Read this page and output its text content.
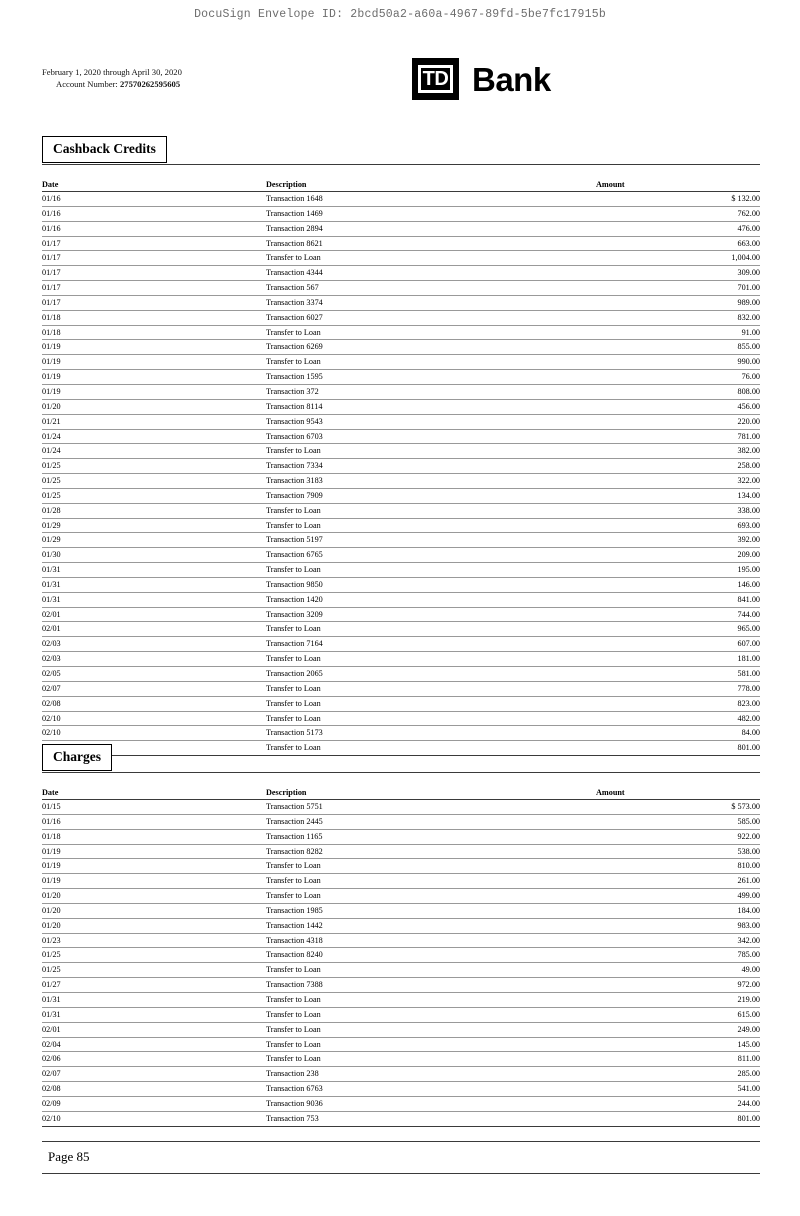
DocuSign Envelope ID: 2bcd50a2-a60a-4967-89fd-5be7fc17915b
February 1, 2020 through April 30, 2020
Account Number: 27570262595605	TD Bank
Cashback Credits
Date	Description	Amount
01/16	Transaction 1648	$ 132.00
01/16	Transaction 1469	762.00
01/16	Transaction 2894	476.00
01/17	Transaction 8621	663.00
01/17	Transfer to Loan	1,004.00
01/17	Transaction 4344	309.00
01/17	Transaction 567	701.00
01/17	Transaction 3374	989.00
01/18	Transaction 6027	832.00
01/18	Transfer to Loan	91.00
01/19	Transaction 6269	855.00
01/19	Transfer to Loan	990.00
01/19	Transaction 1595	76.00
01/19	Transaction 372	808.00
01/20	Transaction 8114	456.00
01/21	Transaction 9543	220.00
01/24	Transaction 6703	781.00
01/24	Transfer to Loan	382.00
01/25	Transaction 7334	258.00
01/25	Transaction 3183	322.00
01/25	Transaction 7909	134.00
01/28	Transfer to Loan	338.00
01/29	Transfer to Loan	693.00
01/29	Transaction 5197	392.00
01/30	Transaction 6765	209.00
01/31	Transfer to Loan	195.00
01/31	Transaction 9850	146.00
01/31	Transaction 1420	841.00
02/01	Transaction 3209	744.00
02/01	Transfer to Loan	965.00
02/03	Transaction 7164	607.00
02/03	Transfer to Loan	181.00
02/05	Transaction 2065	581.00
02/07	Transfer to Loan	778.00
02/08	Transfer to Loan	823.00
02/10	Transfer to Loan	482.00
02/10	Transaction 5173	84.00
	Transfer to Loan	801.00
Charges
Date	Description	Amount
01/15	Transaction 5751	$ 573.00
01/16	Transaction 2445	585.00
01/18	Transaction 1165	922.00
01/19	Transaction 8282	538.00
01/19	Transfer to Loan	810.00
01/19	Transfer to Loan	261.00
01/20	Transfer to Loan	499.00
01/20	Transaction 1985	184.00
01/20	Transaction 1442	983.00
01/23	Transaction 4318	342.00
01/25	Transaction 8240	785.00
01/25	Transfer to Loan	49.00
01/27	Transaction 7388	972.00
01/31	Transfer to Loan	219.00
01/31	Transfer to Loan	615.00
02/01	Transfer to Loan	249.00
02/04	Transfer to Loan	145.00
02/06	Transfer to Loan	811.00
02/07	Transaction 238	285.00
02/08	Transaction 6763	541.00
02/09	Transaction 9036	244.00
02/10	Transaction 753	801.00
Page 85
